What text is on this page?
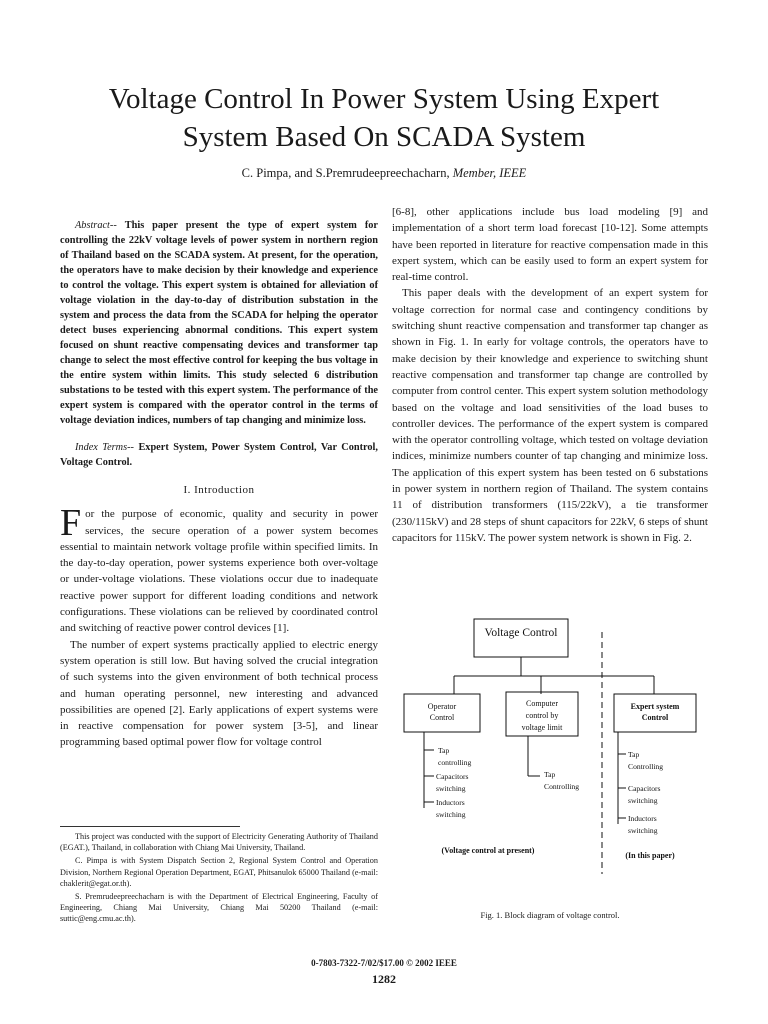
Voltage Control In Power System Using Expert
System Based On SCADA System
C. Pimpa, and S.Premrudeepreechacharn, Member, IEEE

Abstract-- This paper present the type of expert system for controlling the 22kV voltage levels of power system in northern region of Thailand based on the SCADA system. At present, for the operation, the operators have to make decision by their knowledge and experience to control the voltage. This expert system is obtained for alleviation of voltage violation in the day-to-day of distribution substation in the system and process the data from the SCADA for helping the operator detect buses experiencing abnormal conditions. This expert system focused on shunt reactive compensating devices and transformer tap change to select the most effective control for keeping the bus voltage in the entire system within limits. This study selected 6 distribution substations to be tested with this expert system. The performance of the expert system is compared with the operator control in the terms of voltage deviation indices, numbers of tap changing and minimize loss.

Index Terms-- Expert System, Power System Control, Var Control, Voltage Control.

I. Introduction

For the purpose of economic, quality and security in power services, the secure operation of a power system becomes essential to maintain network voltage profile within specified limits. In the day-to-day operation, power systems experience both over-voltage or under-voltage violations. These violations occur due to inadequate reactive power support for different loading conditions and network configurations. These violations can be relieved by coordinated control and switching of reactive power control devices [1].

The number of expert systems practically applied to electric energy system operation is still low. But having solved the crucial integration of such systems into the given environment of both technical process and human operating personnel, new interesting and advanced possibilities are opened [2]. Early applications of expert systems were in reactive compensation for power system [3-5], and linear programming based optimal power flow for voltage control

This project was conducted with the support of Electricity Generating Authority of Thailand (EGAT.), Thailand, in collaboration with Chiang Mai University, Thailand.

C. Pimpa is with System Dispatch Section 2, Regional System Control and Operation Division, Northern Regional Operation Department, EGAT, Phitsanulok 65000 Thailand (e-mail: chaklerit@egat.or.th).

S. Premrudeepreechacharn is with the Department of Electrical Engineering, Faculty of Engineering, Chiang Mai University, Chiang Mai 50200 Thailand (e-mail: suttic@eng.cmu.ac.th).

[6-8], other applications include bus load modeling [9] and implementation of a short term load forecast [10-12]. Some attempts have been reported in literature for reactive compensation made in this expert system, which can be easily used to form an expert system for real-time control.

This paper deals with the development of an expert system for voltage correction for normal case and contingency conditions by switching shunt reactive compensation and transformer tap changer as shown in Fig. 1. In early for voltage controls, the operators have to make decision by their knowledge and experience to switching shunt reactive compensation and transformer tap change are controlled by computer from control center. This expert system solution methodology based on the voltage and load sensitivities of the load buses to controller devices. The performance of the expert system is compared with the operator controlling voltage, which tested on voltage deviation indices, minimize numbers counter of tap changing and minimize loss. The application of this expert system has been tested on 6 substations in power system in northern region of Thailand. The system contains 11 of distribution transformers (115/22kV), a tie transformer (230/115kV) and 28 steps of shunt capacitors for 22kV, 6 steps of shunt capacitors for 115kV. The power system network is shown in Fig. 2.

Voltage Control
Operator
Control
Computer
control by
voltage limit
Expert system
Control
Tap
controlling
Capacitors
switching
Inductors
switching
Tap
Controlling
Tap
Controlling
Capacitors
switching
Inductors
switching
(Voltage control at present)
(In this paper)
Fig. 1. Block diagram of voltage control.
0-7803-7322-7/02/$17.00 © 2002 IEEE
1282
